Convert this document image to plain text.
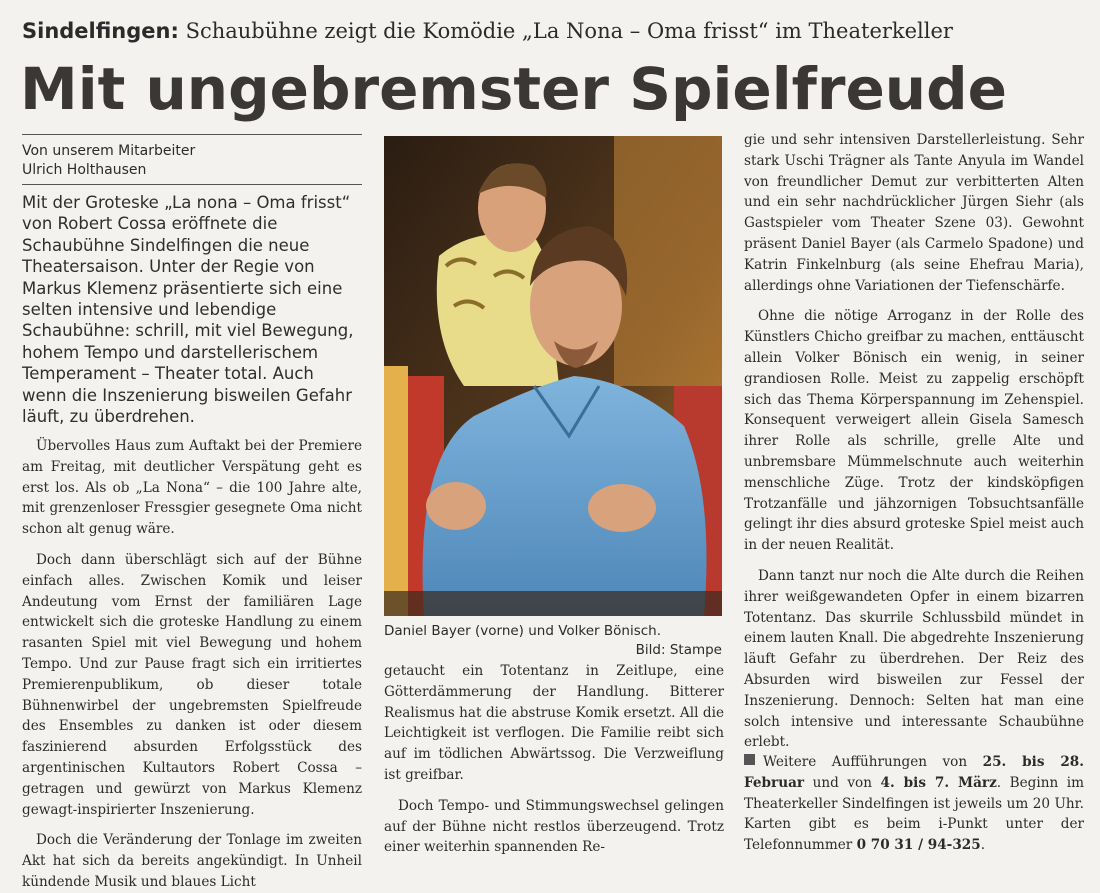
Sindelfingen: Schaubühne zeigt die Komödie „La Nona – Oma frisst“ im Theaterkeller
Mit ungebremster Spielfreude
Von unserem Mitarbeiter
Ulrich Holthausen

Mit der Groteske „La nona – Oma frisst“ von Robert Cossa eröffnete die Schaubühne Sindelfingen die neue Theatersaison. Unter der Regie von Markus Klemenz präsentierte sich eine selten intensive und lebendige Schaubühne: schrill, mit viel Bewegung, hohem Tempo und darstellerischem Temperament – Theater total. Auch wenn die Inszenierung bisweilen Gefahr läuft, zu überdrehen.

Übervolles Haus zum Auftakt bei der Premiere am Freitag, mit deutlicher Verspätung geht es erst los. Als ob „La Nona“ – die 100 Jahre alte, mit grenzenloser Fressgier gesegnete Oma nicht schon alt genug wäre.

Doch dann überschlägt sich auf der Bühne einfach alles. Zwischen Komik und leiser Andeutung vom Ernst der familiären Lage entwickelt sich die groteske Handlung zu einem rasanten Spiel mit viel Bewegung und hohem Tempo. Und zur Pause fragt sich ein irritiertes Premierenpublikum, ob dieser totale Bühnenwirbel der ungebremsten Spielfreude des Ensembles zu danken ist oder diesem faszinierend absurden Erfolgsstück des argentinischen Kultautors Robert Cossa – getragen und gewürzt von Markus Klemenz gewagt-inspirierter Inszenierung.

Doch die Veränderung der Tonlage im zweiten Akt hat sich da bereits angekündigt. In Unheil kündende Musik und blaues Licht

Daniel Bayer (vorne) und Volker Bönisch.
Bild: Stampe

getaucht ein Totentanz in Zeitlupe, eine Götterdämmerung der Handlung. Bitterer Realismus hat die abstruse Komik ersetzt. All die Leichtigkeit ist verflogen. Die Familie reibt sich auf im tödlichen Abwärtssog. Die Verzweiflung ist greifbar.

Doch Tempo- und Stimmungswechsel gelingen auf der Bühne nicht restlos überzeugend. Trotz einer weiterhin spannenden Re-

gie und sehr intensiven Darstellerleistung. Sehr stark Uschi Trägner als Tante Anyula im Wandel von freundlicher Demut zur verbitterten Alten und ein sehr nachdrücklicher Jürgen Siehr (als Gastspieler vom Theater Szene 03). Gewohnt präsent Daniel Bayer (als Carmelo Spadone) und Katrin Finkelnburg (als seine Ehefrau Maria), allerdings ohne Variationen der Tiefenschärfe.

Ohne die nötige Arroganz in der Rolle des Künstlers Chicho greifbar zu machen, enttäuscht allein Volker Bönisch ein wenig, in seiner grandiosen Rolle. Meist zu zappelig erschöpft sich das Thema Körperspannung im Zehenspiel. Konsequent verweigert allein Gisela Samesch ihrer Rolle als schrille, grelle Alte und unbremsbare Mümmelschnute auch weiterhin menschliche Züge. Trotz der kindsköpfigen Trotzanfälle und jähzornigen Tobsuchtsanfälle gelingt ihr dies absurd groteske Spiel meist auch in der neuen Realität.

Dann tanzt nur noch die Alte durch die Reihen ihrer weißgewandeten Opfer in einem bizarren Totentanz. Das skurrile Schlussbild mündet in einem lauten Knall. Die abgedrehte Inszenierung läuft Gefahr zu überdrehen. Der Reiz des Absurden wird bisweilen zur Fessel der Inszenierung. Dennoch: Selten hat man eine solch intensive und interessante Schaubühne erlebt.

Weitere Aufführungen von 25. bis 28. Februar und von 4. bis 7. März. Beginn im Theaterkeller Sindelfingen ist jeweils um 20 Uhr. Karten gibt es beim i-Punkt unter der Telefonnummer 0 70 31 / 94-325.
